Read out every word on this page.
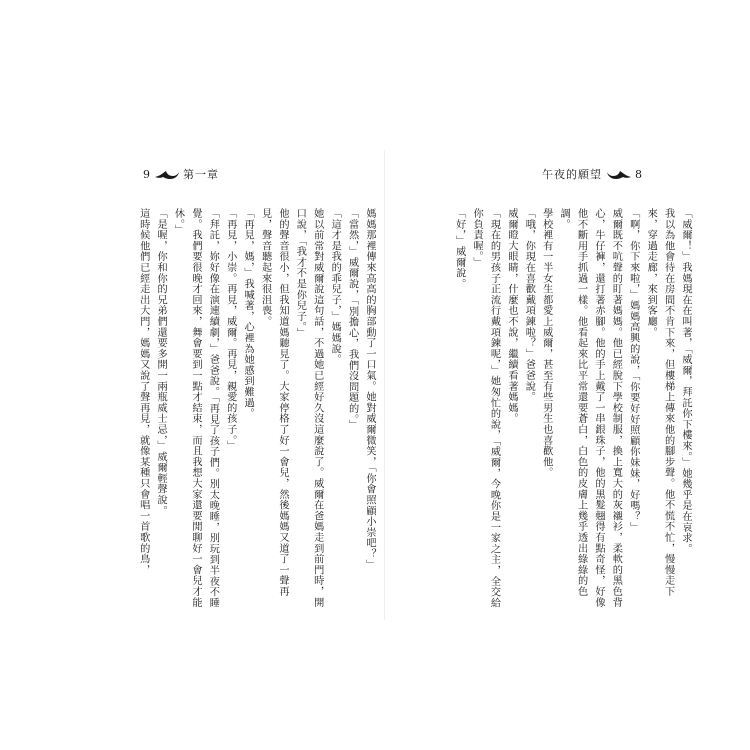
9	第一章

媽媽那裡傳來高高的胸部動了一口氣。她對威爾微笑，「你會照顧小崇吧？」

「當然，」威爾說，「別擔心，我們沒問題的。」

「這才是我的乖兒子，」媽媽說。

她以前常對威爾說這句話，不過她已經好久沒這麼說了。威爾在爸媽走到前門時，開口說，「我才不是你兒子。」

他的聲音很小，但我知道媽聽見了。大家停格了好一會兒，然後媽媽又道了一聲再見，聲音聽起來很沮喪。

「再見，媽，」我喊著，心裡為她感到難過。

「再見，小崇。再見，威爾。再見，親愛的孩子。」

「拜託，妳好像在演連續劇，」爸爸說。「再見了孩子們。別太晚睡，別玩到半夜不睡覺。我們要很晚才回來，舞會要到一點才結束，而且我想大家還要閒聊好一會兒才能休。」

「是喔，你和你的兄弟們還要多開一兩瓶威士忌，」威爾輕聲說。

這時候他們已經走出大門，媽媽又說了聲再見，就像某種只會唱一首歌的鳥，

午夜的願望	8

「威爾！」我媽現在在叫著，「威爾，拜託你下樓來。」她幾乎是在哀求。

我以為他會待在房間不肯下來，但樓梯上傳來他的腳步聲。他不慌不忙，慢慢走下來，穿過走廊，來到客廳。

「啊，你下來啦，」媽媽高興的說，「你要好好照顧你妹妹，好嗎？」

威爾既不吭聲的盯著媽媽。他已經脫下學校制服，換上寬大的灰襯衫，柔軟的黑色背心，牛仔褲，還打著赤腳。他的手上戴了一串銀珠子，他的黑髮翹得有點奇怪，好像他不斷用手抓過一樣。他看起來比平常還要蒼白，白色的皮膚上幾乎透出綠綠的色調。

學校裡有一半女生都愛上威爾，甚至有些男生也喜歡他。

「哦，你現在喜歡戴項鍊啦？」爸爸說。

威爾瞪大眼睛，什麼也不說，繼續看著媽媽。

「現在的男孩子正流行戴項鍊呢，」她匆忙的說，「威爾，今晚你是一家之主，全交給你負責喔。」

「好，」威爾說。
